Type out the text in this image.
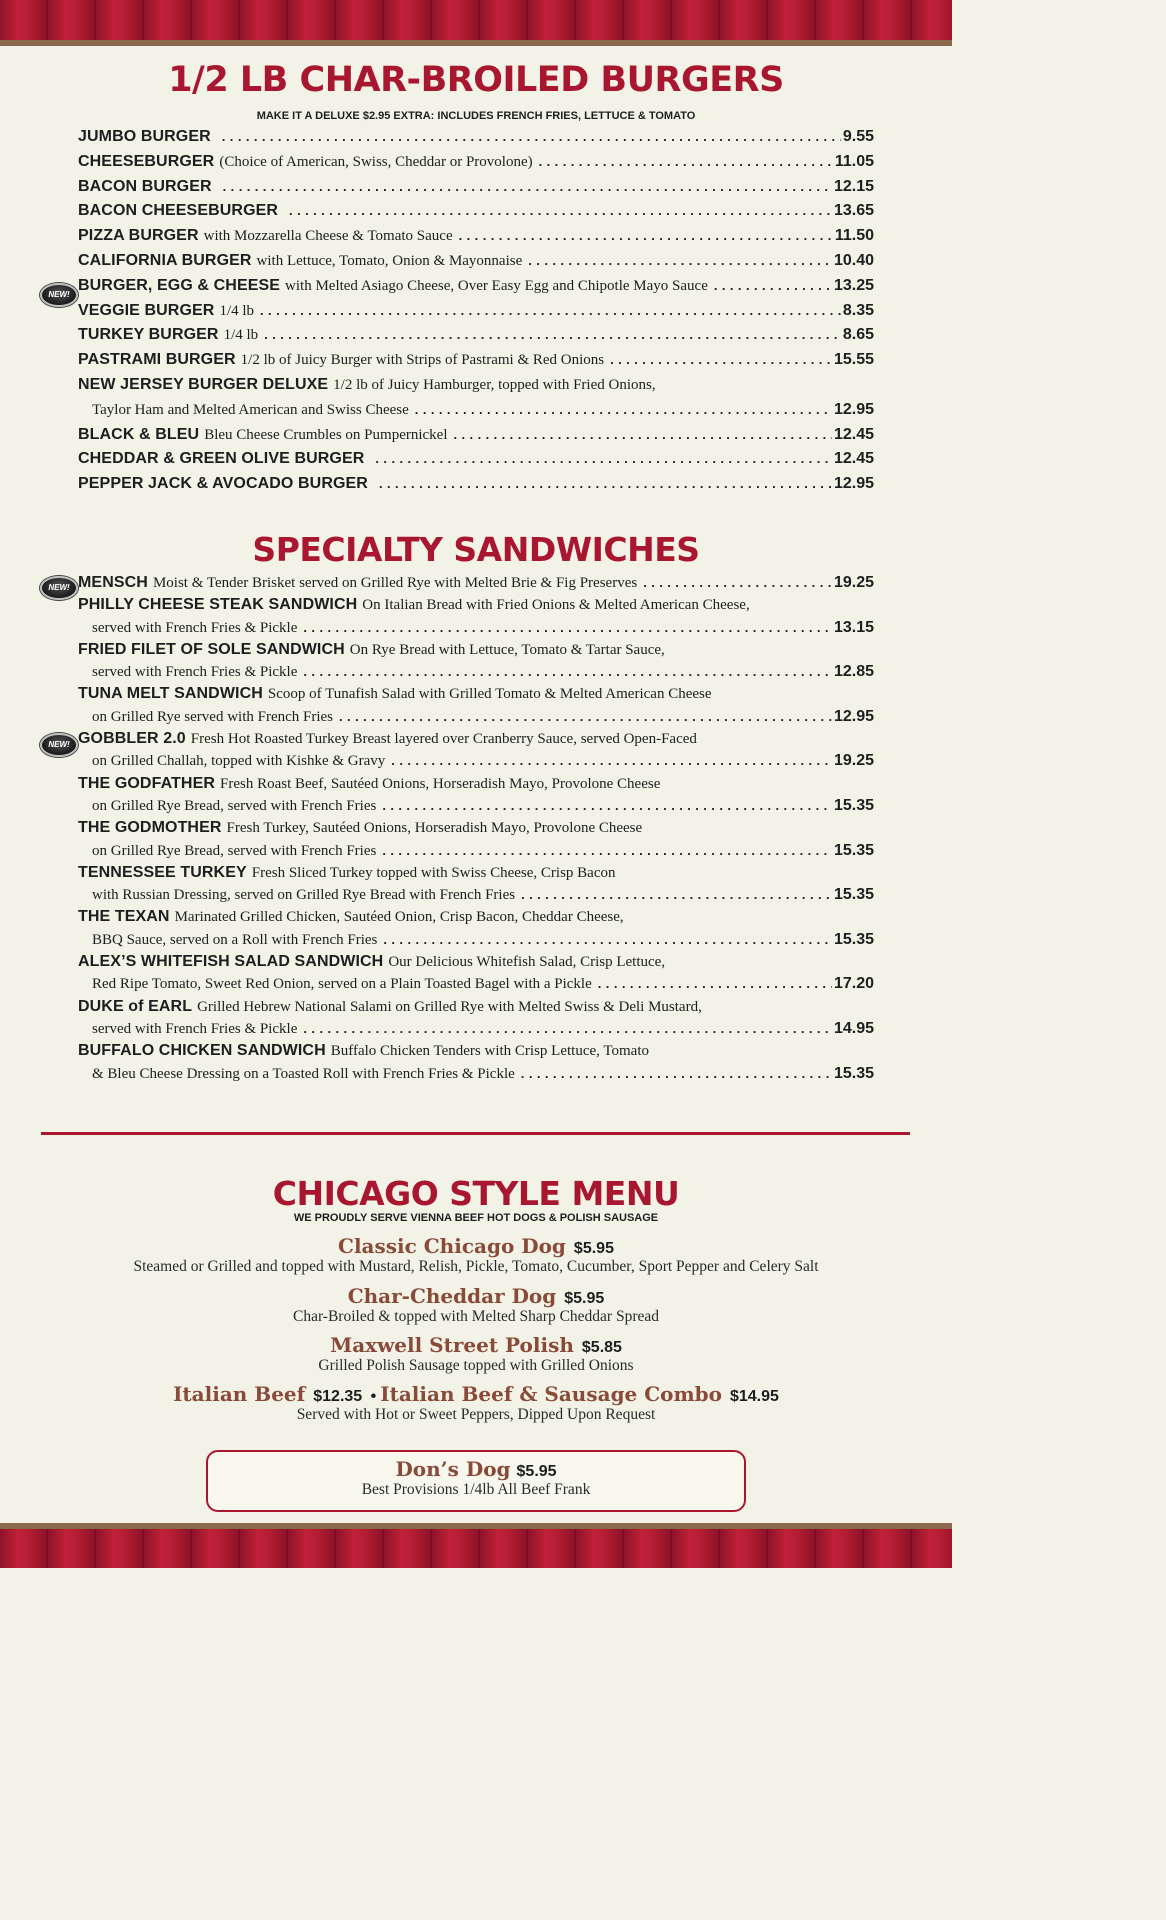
1/2 LB CHAR-BROILED BURGERS
MAKE IT A DELUXE $2.95 EXTRA: INCLUDES FRENCH FRIES, LETTUCE & TOMATO
JUMBO BURGER . . .	9.55
CHEESEBURGER (Choice of American, Swiss, Cheddar or Provolone) . . .	11.05
BACON BURGER . . .	12.15
BACON CHEESEBURGER . . .	13.65
PIZZA BURGER with Mozzarella Cheese & Tomato Sauce . . .	11.50
CALIFORNIA BURGER with Lettuce, Tomato, Onion & Mayonnaise . . .	10.40
BURGER, EGG & CHEESE with Melted Asiago Cheese, Over Easy Egg and Chipotle Mayo Sauce . . .	13.25
VEGGIE BURGER 1/4 lb . . .	8.35
TURKEY BURGER 1/4 lb . . .	8.65
PASTRAMI BURGER 1/2 lb of Juicy Burger with Strips of Pastrami & Red Onions . . .	15.55
NEW JERSEY BURGER DELUXE 1/2 lb of Juicy Hamburger, topped with Fried Onions,
Taylor Ham and Melted American and Swiss Cheese . . .	12.95
BLACK & BLEU Bleu Cheese Crumbles on Pumpernickel . . .	12.45
CHEDDAR & GREEN OLIVE BURGER . . .	12.45
PEPPER JACK & AVOCADO BURGER . . .	12.95
NEW!
SPECIALTY SANDWICHES
MENSCH Moist & Tender Brisket served on Grilled Rye with Melted Brie & Fig Preserves . . .	19.25
PHILLY CHEESE STEAK SANDWICH On Italian Bread with Fried Onions & Melted American Cheese,
served with French Fries & Pickle . . .	13.15
FRIED FILET OF SOLE SANDWICH On Rye Bread with Lettuce, Tomato & Tartar Sauce,
served with French Fries & Pickle . . .	12.85
TUNA MELT SANDWICH Scoop of Tunafish Salad with Grilled Tomato & Melted American Cheese
on Grilled Rye served with French Fries . . .	12.95
GOBBLER 2.0 Fresh Hot Roasted Turkey Breast layered over Cranberry Sauce, served Open-Faced
on Grilled Challah, topped with Kishke & Gravy . . .	19.25
THE GODFATHER Fresh Roast Beef, Sautéed Onions, Horseradish Mayo, Provolone Cheese
on Grilled Rye Bread, served with French Fries . . .	15.35
THE GODMOTHER Fresh Turkey, Sautéed Onions, Horseradish Mayo, Provolone Cheese
on Grilled Rye Bread, served with French Fries . . .	15.35
TENNESSEE TURKEY Fresh Sliced Turkey topped with Swiss Cheese, Crisp Bacon
with Russian Dressing, served on Grilled Rye Bread with French Fries . . .	15.35
THE TEXAN Marinated Grilled Chicken, Sautéed Onion, Crisp Bacon, Cheddar Cheese,
BBQ Sauce, served on a Roll with French Fries . . .	15.35
ALEX’S WHITEFISH SALAD SANDWICH Our Delicious Whitefish Salad, Crisp Lettuce,
Red Ripe Tomato, Sweet Red Onion, served on a Plain Toasted Bagel with a Pickle . . .	17.20
DUKE of EARL Grilled Hebrew National Salami on Grilled Rye with Melted Swiss & Deli Mustard,
served with French Fries & Pickle . . .	14.95
BUFFALO CHICKEN SANDWICH Buffalo Chicken Tenders with Crisp Lettuce, Tomato
& Bleu Cheese Dressing on a Toasted Roll with French Fries & Pickle . . .	15.35
NEW!
NEW!
CHICAGO STYLE MENU
WE PROUDLY SERVE VIENNA BEEF HOT DOGS & POLISH SAUSAGE
Classic Chicago Dog $5.95
Steamed or Grilled and topped with Mustard, Relish, Pickle, Tomato, Cucumber, Sport Pepper and Celery Salt
Char-Cheddar Dog $5.95
Char-Broiled & topped with Melted Sharp Cheddar Spread
Maxwell Street Polish $5.85
Grilled Polish Sausage topped with Grilled Onions
Italian Beef $12.35 • Italian Beef & Sausage Combo $14.95
Served with Hot or Sweet Peppers, Dipped Upon Request
Don’s Dog $5.95
Best Provisions 1/4lb All Beef Frank
